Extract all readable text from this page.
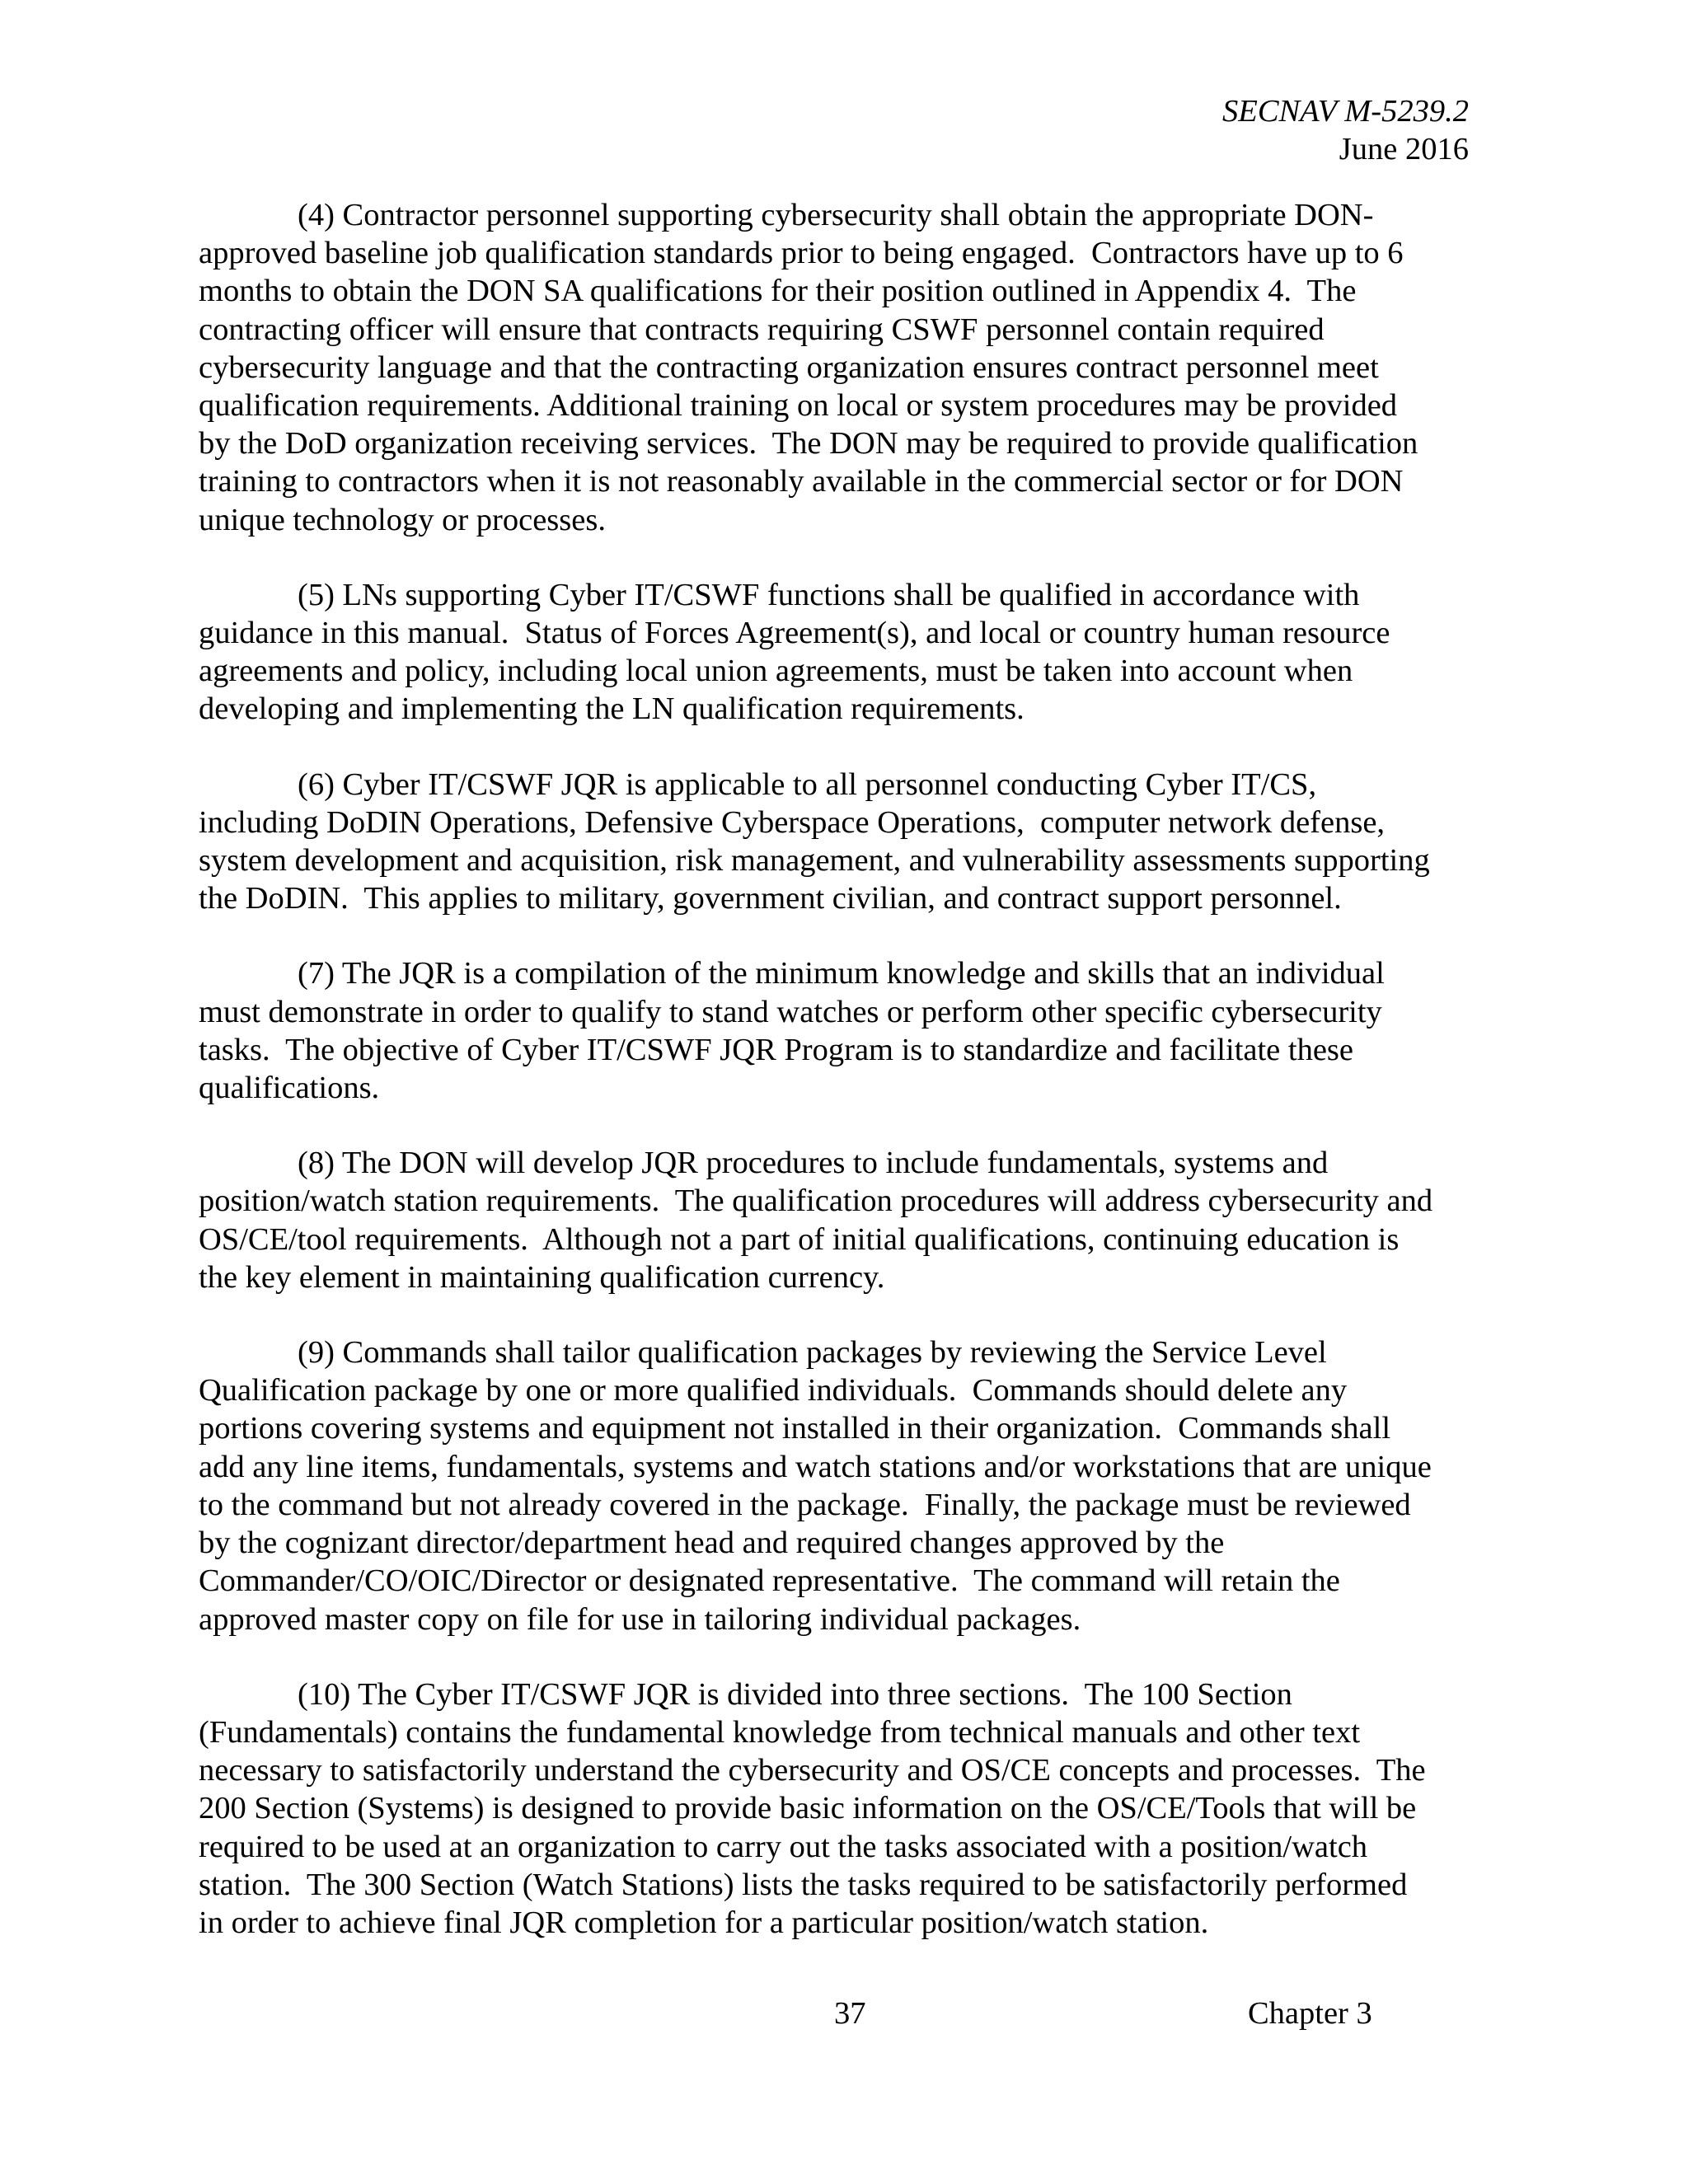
SECNAV M-5239.2
June 2016
(4) Contractor personnel supporting cybersecurity shall obtain the appropriate DON-
approved baseline job qualification standards prior to being engaged.  Contractors have up to 6
months to obtain the DON SA qualifications for their position outlined in Appendix 4.  The
contracting officer will ensure that contracts requiring CSWF personnel contain required
cybersecurity language and that the contracting organization ensures contract personnel meet
qualification requirements. Additional training on local or system procedures may be provided
by the DoD organization receiving services.  The DON may be required to provide qualification
training to contractors when it is not reasonably available in the commercial sector or for DON
unique technology or processes.
(5) LNs supporting Cyber IT/CSWF functions shall be qualified in accordance with
guidance in this manual.  Status of Forces Agreement(s), and local or country human resource
agreements and policy, including local union agreements, must be taken into account when
developing and implementing the LN qualification requirements.
(6) Cyber IT/CSWF JQR is applicable to all personnel conducting Cyber IT/CS,
including DoDIN Operations, Defensive Cyberspace Operations,  computer network defense,
system development and acquisition, risk management, and vulnerability assessments supporting
the DoDIN.  This applies to military, government civilian, and contract support personnel.
(7) The JQR is a compilation of the minimum knowledge and skills that an individual
must demonstrate in order to qualify to stand watches or perform other specific cybersecurity
tasks.  The objective of Cyber IT/CSWF JQR Program is to standardize and facilitate these
qualifications.
(8) The DON will develop JQR procedures to include fundamentals, systems and
position/watch station requirements.  The qualification procedures will address cybersecurity and
OS/CE/tool requirements.  Although not a part of initial qualifications, continuing education is
the key element in maintaining qualification currency.
(9) Commands shall tailor qualification packages by reviewing the Service Level
Qualification package by one or more qualified individuals.  Commands should delete any
portions covering systems and equipment not installed in their organization.  Commands shall
add any line items, fundamentals, systems and watch stations and/or workstations that are unique
to the command but not already covered in the package.  Finally, the package must be reviewed
by the cognizant director/department head and required changes approved by the
Commander/CO/OIC/Director or designated representative.  The command will retain the
approved master copy on file for use in tailoring individual packages.
(10) The Cyber IT/CSWF JQR is divided into three sections.  The 100 Section
(Fundamentals) contains the fundamental knowledge from technical manuals and other text
necessary to satisfactorily understand the cybersecurity and OS/CE concepts and processes.  The
200 Section (Systems) is designed to provide basic information on the OS/CE/Tools that will be
required to be used at an organization to carry out the tasks associated with a position/watch
station.  The 300 Section (Watch Stations) lists the tasks required to be satisfactorily performed
in order to achieve final JQR completion for a particular position/watch station.
37	Chapter 3
